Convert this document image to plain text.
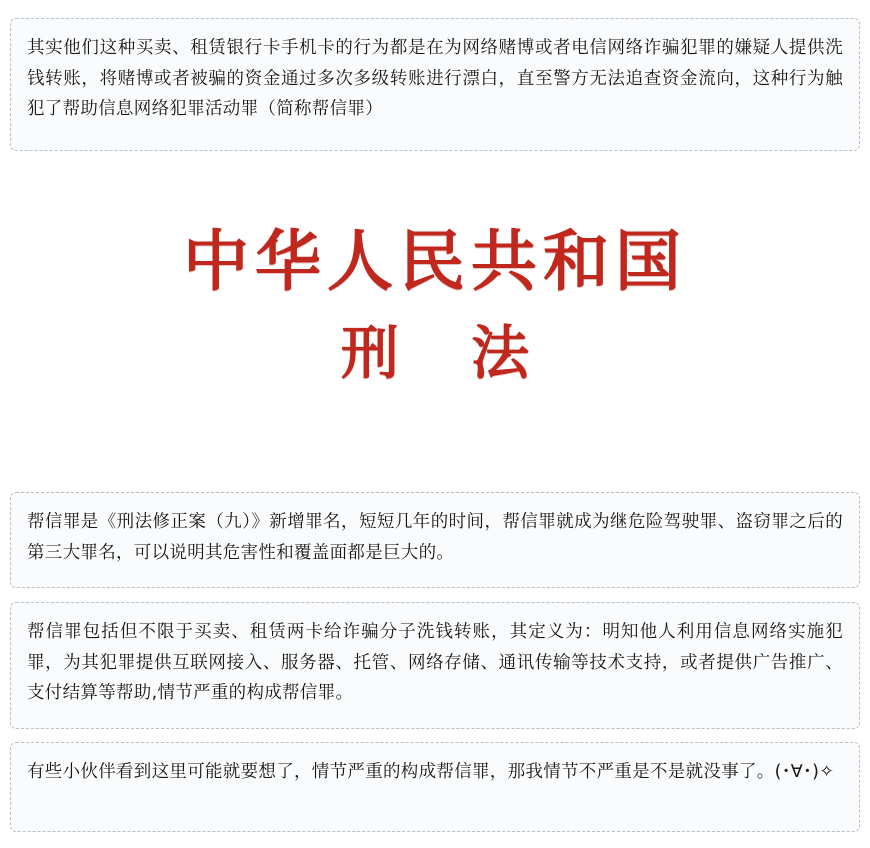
其实他们这种买卖、租赁银行卡手机卡的行为都是在为网络赌博或者电信网络诈骗犯罪的嫌疑人提供洗钱转账，将赌博或者被骗的资金通过多次多级转账进行漂白，直至警方无法追查资金流向，这种行为触犯了帮助信息网络犯罪活动罪（简称帮信罪）

中华人民共和国
刑 法

帮信罪是《刑法修正案（九）》新增罪名，短短几年的时间，帮信罪就成为继危险驾驶罪、盗窃罪之后的第三大罪名，可以说明其危害性和覆盖面都是巨大的。

帮信罪包括但不限于买卖、租赁两卡给诈骗分子洗钱转账，其定义为：明知他人利用信息网络实施犯罪，为其犯罪提供互联网接入、服务器、托管、网络存储、通讯传输等技术支持，或者提供广告推广、支付结算等帮助,情节严重的构成帮信罪。

有些小伙伴看到这里可能就要想了，情节严重的构成帮信罪，那我情节不严重是不是就没事了。(･∀･)✧
